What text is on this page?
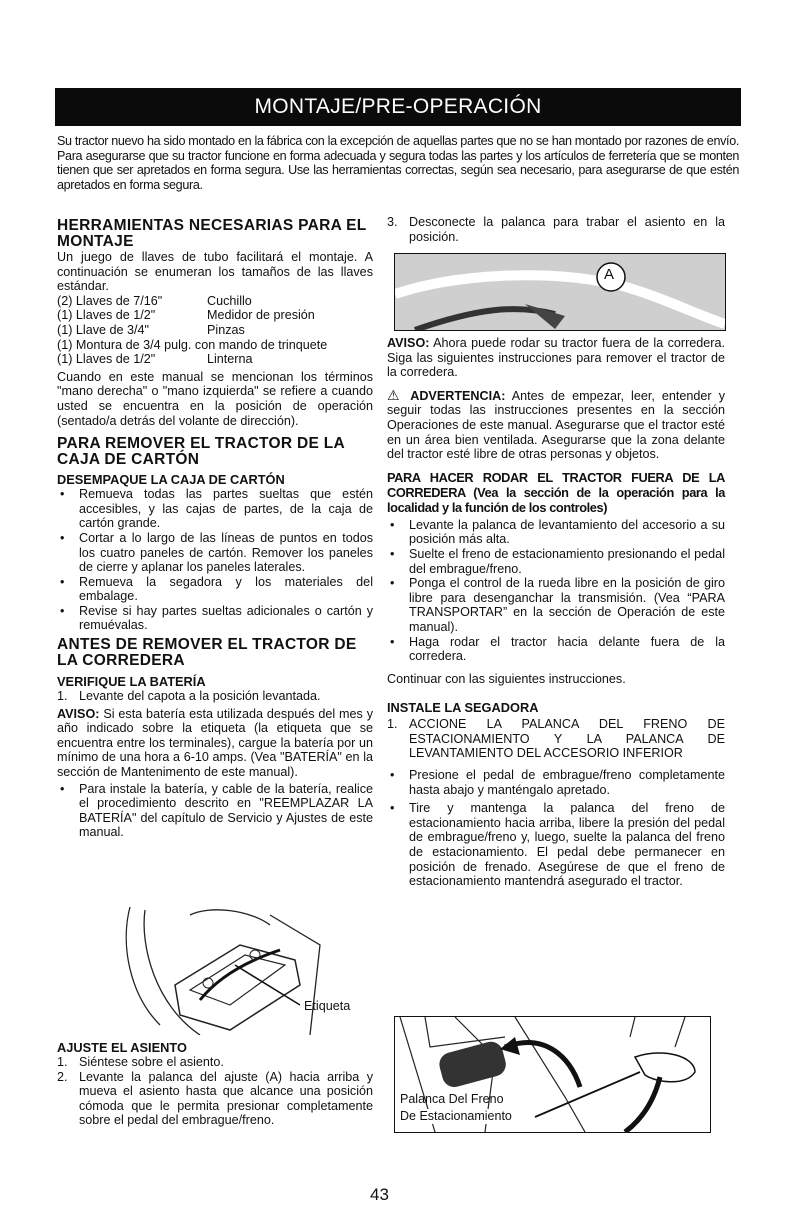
MONTAJE/PRE-OPERACIÓN

Su tractor nuevo ha sido montado en la fábrica con la excepción de aquellas partes que no se han montado por razones de envío. Para asegurarse que su tractor funcione en forma adecuada y segura todas las partes y los artículos de ferretería que se monten tienen que ser apretados en forma segura. Use las herramientas correctas, según sea necesario, para asegurarse de que estén apretados en forma segura.

HERRAMIENTAS NECESARIAS PARA EL MONTAJE

Un juego de llaves de tubo facilitará el montaje. A continuación se enumeran los tamaños de las llaves estándar.

(2) Llaves de 7/16"	Cuchillo
(1) Llaves de 1/2"	Medidor de presión
(1) Llave de 3/4"	Pinzas
(1) Montura de 3/4 pulg. con mando de trinquete
(1) Llaves de 1/2"	Linterna

Cuando en este manual se mencionan los términos "mano derecha" o "mano izquierda" se refiere a cuando usted se encuentra en la posición de operación (sentado/a detrás del volante de dirección).

PARA REMOVER EL TRACTOR DE LA CAJA DE CARTÓN
DESEMPAQUE LA CAJA DE CARTÓN
• Remueva todas las partes sueltas que estén accesibles, y las cajas de partes, de la caja de cartón grande.
• Cortar a lo largo de las líneas de puntos en todos los cuatro paneles de cartón. Remover los paneles de cierre y aplanar los paneles laterales.
• Remueva la segadora y los materiales del embalage.
• Revise si hay partes sueltas adicionales o cartón y remuévalas.
ANTES DE REMOVER EL TRACTOR DE LA CORREDERA
VERIFIQUE LA BATERÍA
1. Levante del capota a la posición levantada.

AVISO: Si esta batería esta utilizada después del mes y año indicado sobre la etiqueta (la etiqueta que se encuentra entre los terminales), cargue la batería por un mínimo de una hora a 6-10 amps. (Vea "BATERÍA" en la sección de Mantenimento de este manual).

• Para instale la batería, y cable de la batería, realice el procedimiento descrito en "REEMPLAZAR LA BATERÍA" del capítulo de Servicio y Ajustes de este manual.
Etiqueta
AJUSTE EL ASIENTO
1. Siéntese sobre el asiento.
2. Levante la palanca del ajuste (A) hacia arriba y mueva el asiento hasta que alcance una posición cómoda que le permita presionar completamente sobre el pedal del embrague/freno.
3. Desconecte la palanca para trabar el asiento en la posición.
A

AVISO: Ahora puede rodar su tractor fuera de la corredera. Siga las siguientes instrucciones para remover el tractor de la corredera.

⚠ ADVERTENCIA: Antes de empezar, leer, entender y seguir todas las instrucciones presentes en la sección Operaciones de este manual. Asegurarse que el tractor esté en un área bien ventilada. Asegurarse que la zona delante del tractor esté libre de otras personas y objetos.

PARA HACER RODAR EL TRACTOR FUERA DE LA CORREDERA (Vea la sección de la operación para la localidad y la función de los controles)
• Levante la palanca de levantamiento del accesorio a su posición más alta.
• Suelte el freno de estacionamiento presionando el pedal del embrague/freno.
• Ponga el control de la rueda libre en la posición de giro libre para desenganchar la transmisión. (Vea “PARA TRANSPORTAR” en la sección de Operación de este manual).
• Haga rodar el tractor hacia delante fuera de la corredera.

Continuar con las siguientes instrucciones.

INSTALE LA SEGADORA
1. ACCIONE LA PALANCA DEL FRENO DE ESTACIONAMIENTO Y LA PALANCA DE LEVANTAMIENTO DEL ACCESORIO INFERIOR
• Presione el pedal de embrague/freno completamente hasta abajo y manténgalo apretado.
• Tire y mantenga la palanca del freno de estacionamiento hacia arriba, libere la presión del pedal de embrague/freno y, luego, suelte la palanca del freno de estacionamiento. El pedal debe permanecer en posición de frenado. Asegúrese de que el freno de estacionamiento mantendrá asegurado el tractor.
Palanca Del Freno
De Estacionamiento
43
